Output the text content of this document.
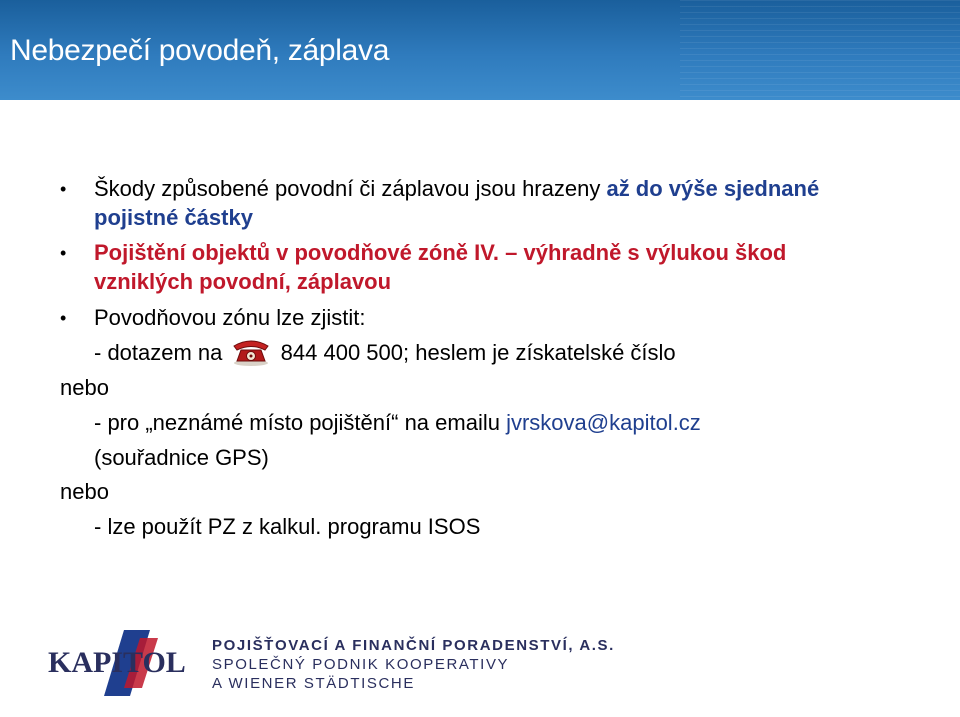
Nebezpečí povodeň, záplava
• Škody způsobené povodní či záplavou jsou hrazeny až do výše sjednané
pojistné částky
• Pojištění objektů v povodňové zóně IV. – výhradně s výlukou škod
vzniklých povodní, záplavou
• Povodňovou zónu lze zjistit:
- dotazem na	844 400 500; heslem je získatelské číslo
nebo
- pro „neznámé místo pojištění“ na emailu jvrskova@kapitol.cz
(souřadnice GPS)
nebo
- lze použít PZ z kalkul. programu ISOS
KAPITOL
POJIŠŤOVACÍ A FINANČNÍ PORADENSTVÍ, A.S.
SPOLEČNÝ PODNIK KOOPERATIVY
A WIENER STÄDTISCHE
